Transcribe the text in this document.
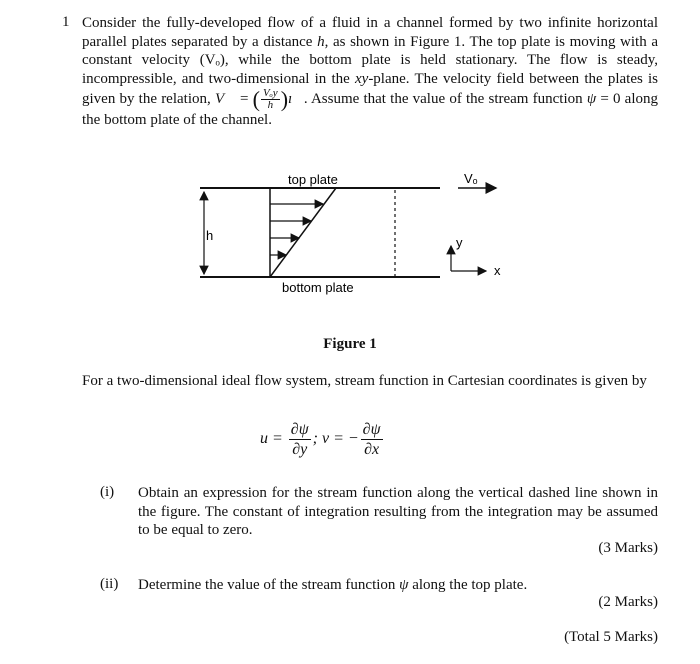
1 Consider the fully-developed flow of a fluid in a channel formed by two infinite horizontal parallel plates separated by a distance h, as shown in Figure 1. The top plate is moving with a constant velocity (Vₒ), while the bottom plate is held stationary. The flow is steady, incompressible, and two-dimensional in the xy-plane. The velocity field between the plates is given by the relation, V⃗ = ( $\frac{\text{Vₒy}}{h}$ )ı⃗. Assume that the value of the stream function ψ = 0 along the bottom plate of the channel.
top plate
bottom plate
Vₒ
h	y
x
Figure 1
For a two-dimensional ideal flow system, stream function in Cartesian coordinates is given by
$u = \frac{\partial\psi}{\partial y}$ ; v = − $\frac{\partial\psi}{\partial x}$
(i) Obtain an expression for the stream function along the vertical dashed line shown in the figure. The constant of integration resulting from the integration may be assumed to be equal to zero.
(3 Marks)
(ii) Determine the value of the stream function ψ along the top plate.
(2 Marks)
(Total 5 Marks)
